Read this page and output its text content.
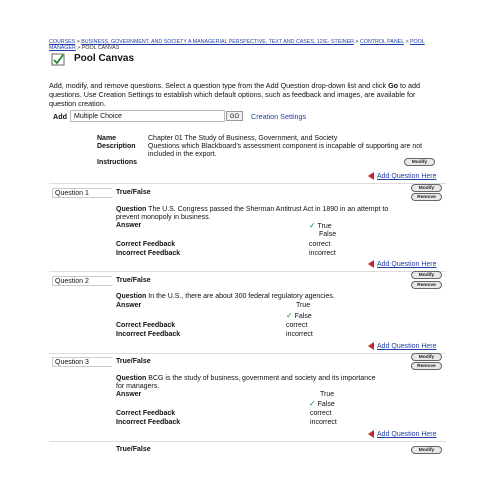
COURSES > BUSINESS, GOVERNMENT, AND SOCIETY A MANAGERIAL PERSPECTIVE, TEXT AND CASES, 12/E- STEINER > CONTROL PANEL > POOL MANAGER > POOL CANVAS
Pool Canvas
Add, modify, and remove questions. Select a question type from the Add Question drop-down list and click Go to add questions. Use Creation Settings to establish which default options, such as feedback and images, are available for question creation.
Add	Multiple Choice	GO	Creation Settings
Name	Chapter 01 The Study of Business, Government, and Society
Description Questions which Blackboard's assessment component is incapable of supporting are not included in the export.
Instructions	Modify
Add Question Here
Question 1	True/False
Modify
Remove
Question The U.S. Congress passed the Sherman Antitrust Act in 1890 in an attempt to prevent monopoly in business.
Answer	✓ True
False
Correct Feedback	correct
Incorrect Feedback	incorrect
Add Question Here
Question 2	True/False
Modify
Remove
Question In the U.S., there are about 300 federal regulatory agencies.
Answer	True
✓ False
Correct Feedback	correct
Incorrect Feedback	incorrect
Add Question Here
Question 3	True/False
Modify
Remove
Question BCG is the study of business, government and society and its importance for managers.
Answer	True
✓ False
Correct Feedback	correct
Incorrect Feedback	incorrect
Add Question Here
True/False	Modify
